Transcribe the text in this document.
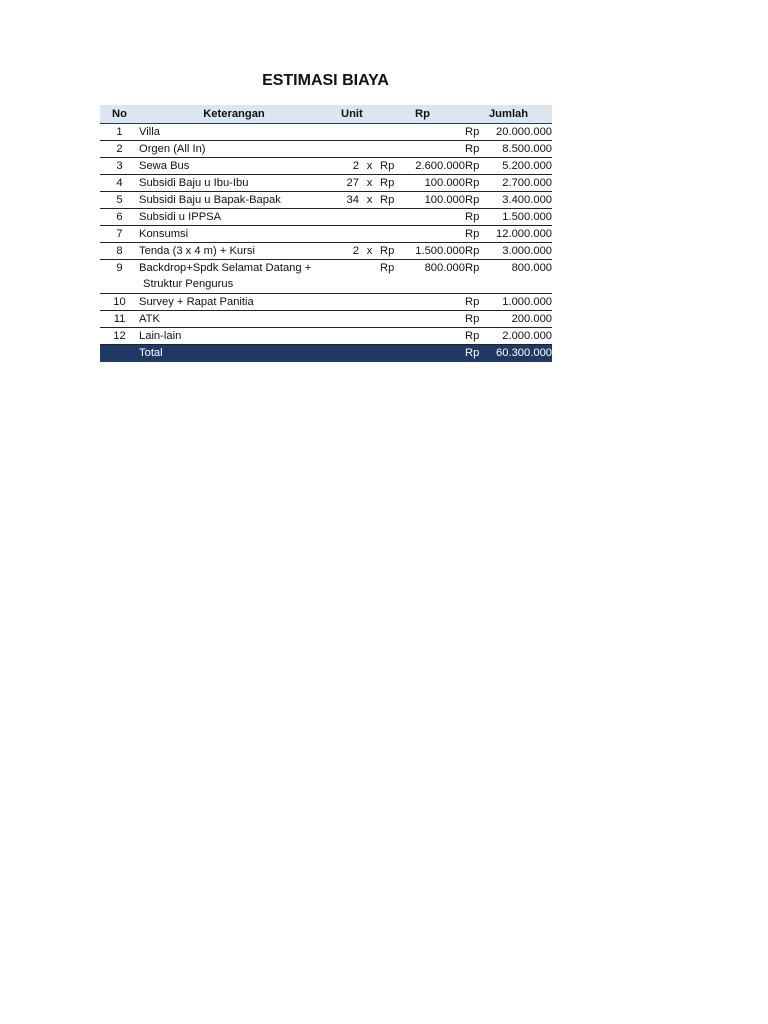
ESTIMASI BIAYA
No	Keterangan	Unit		Rp		Jumlah	
1	Villa					Rp	20.000.000
2	Orgen (All In)					Rp	8.500.000
3	Sewa Bus	2	x	Rp	2.600.000	Rp	5.200.000
4	Subsidi Baju u Ibu-Ibu	27	x	Rp	100.000	Rp	2.700.000
5	Subsidi Baju u Bapak-Bapak	34	x	Rp	100.000	Rp	3.400.000
6	Subsidi u IPPSA					Rp	1.500.000
7	Konsumsi					Rp	12.000.000
8	Tenda (3 x 4 m) + Kursi	2	x	Rp	1.500.000	Rp	3.000.000
9	Backdrop+Spdk Selamat Datang +
Struktur Pengurus			Rp	800.000	Rp	800.000
10	Survey + Rapat Panitia					Rp	1.000.000
11	ATK					Rp	200.000
12	Lain-lain					Rp	2.000.000
	Total					Rp	60.300.000
